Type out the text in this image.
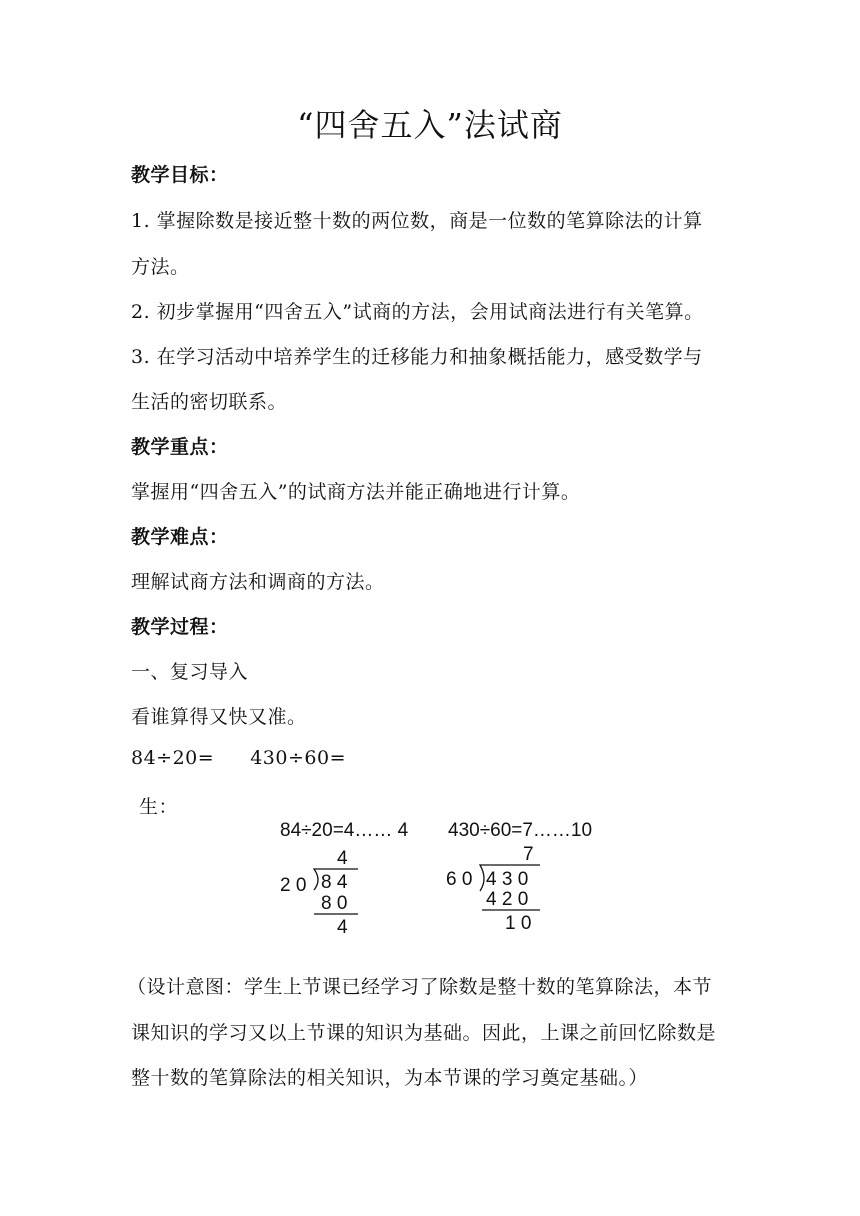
“四舍五入”法试商
教学目标：
1. 掌握除数是接近整十数的两位数，商是一位数的笔算除法的计算
方法。
2. 初步掌握用“四舍五入”试商的方法，会用试商法进行有关笔算。
3. 在学习活动中培养学生的迁移能力和抽象概括能力，感受数学与
生活的密切联系。
教学重点：
掌握用“四舍五入”的试商方法并能正确地进行计算。
教学难点：
理解试商方法和调商的方法。
教学过程：
一、复习导入
看谁算得又快又准。
84÷20= 430÷60=
生：
84÷20=4…… 4 430÷60=7……10
4
2 0 8 4
8 0
4
7
6 0 4 3 0
4 2 0
1 0
（设计意图：学生上节课已经学习了除数是整十数的笔算除法，本节
课知识的学习又以上节课的知识为基础。因此，上课之前回忆除数是
整十数的笔算除法的相关知识，为本节课的学习奠定基础。）
